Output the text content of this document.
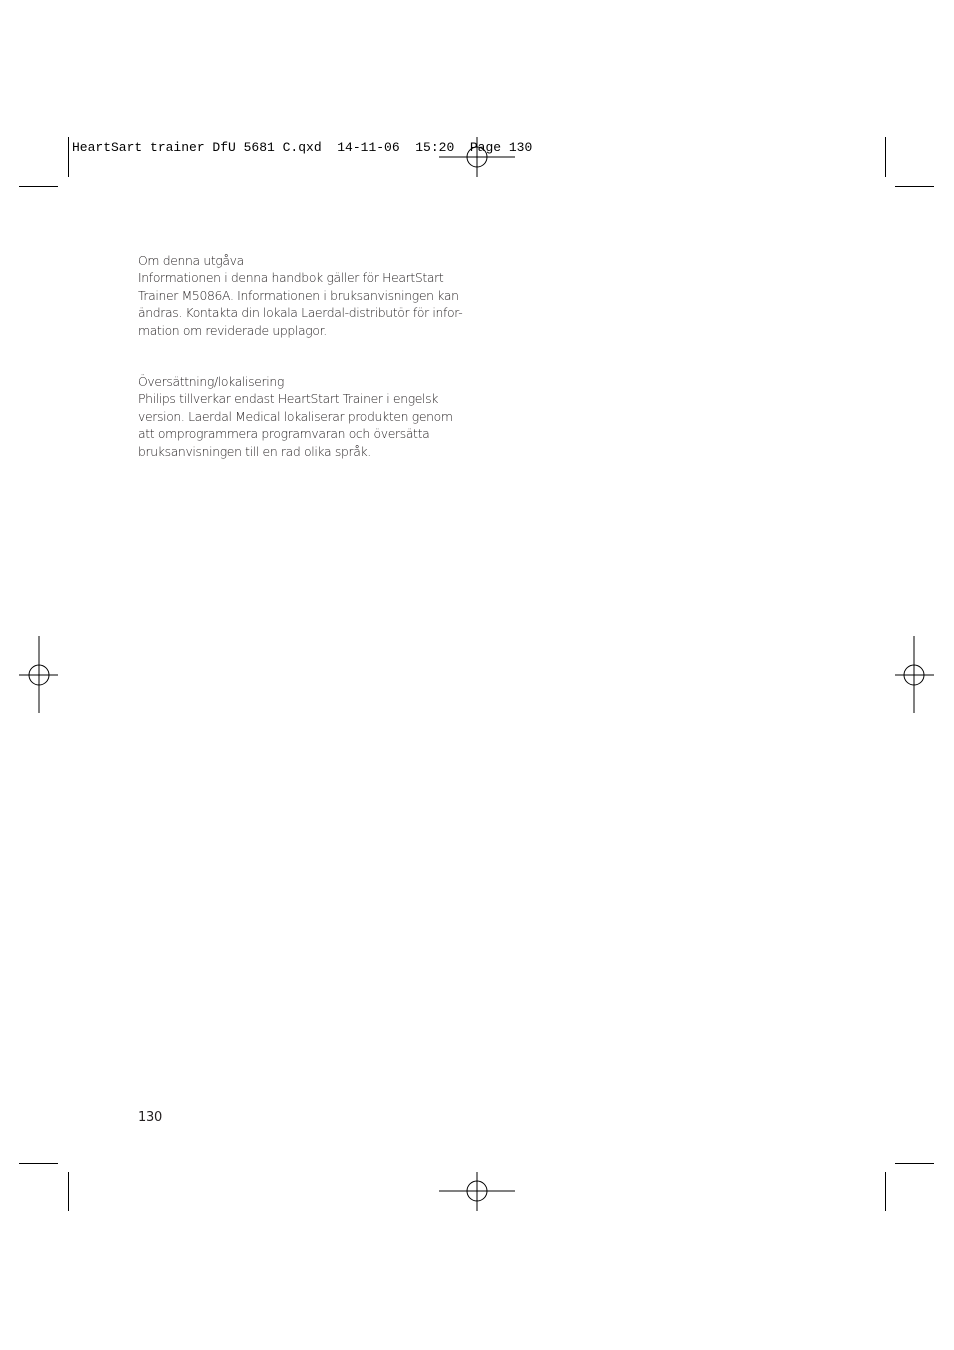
HeartSart trainer DfU 5681 C.qxd  14-11-06  15:20  Page 130
Om denna utgåva

Informationen i denna handbok gäller för HeartStart

Trainer M5086A. Informationen i bruksanvisningen kan

ändras. Kontakta din lokala Laerdal-distributör för infor-

mation om reviderade upplagor.

Översättning/lokalisering

Philips tillverkar endast HeartStart Trainer i engelsk

version. Laerdal Medical lokaliserar produkten genom

att omprogrammera programvaran och översätta

bruksanvisningen till en rad olika språk.

130
